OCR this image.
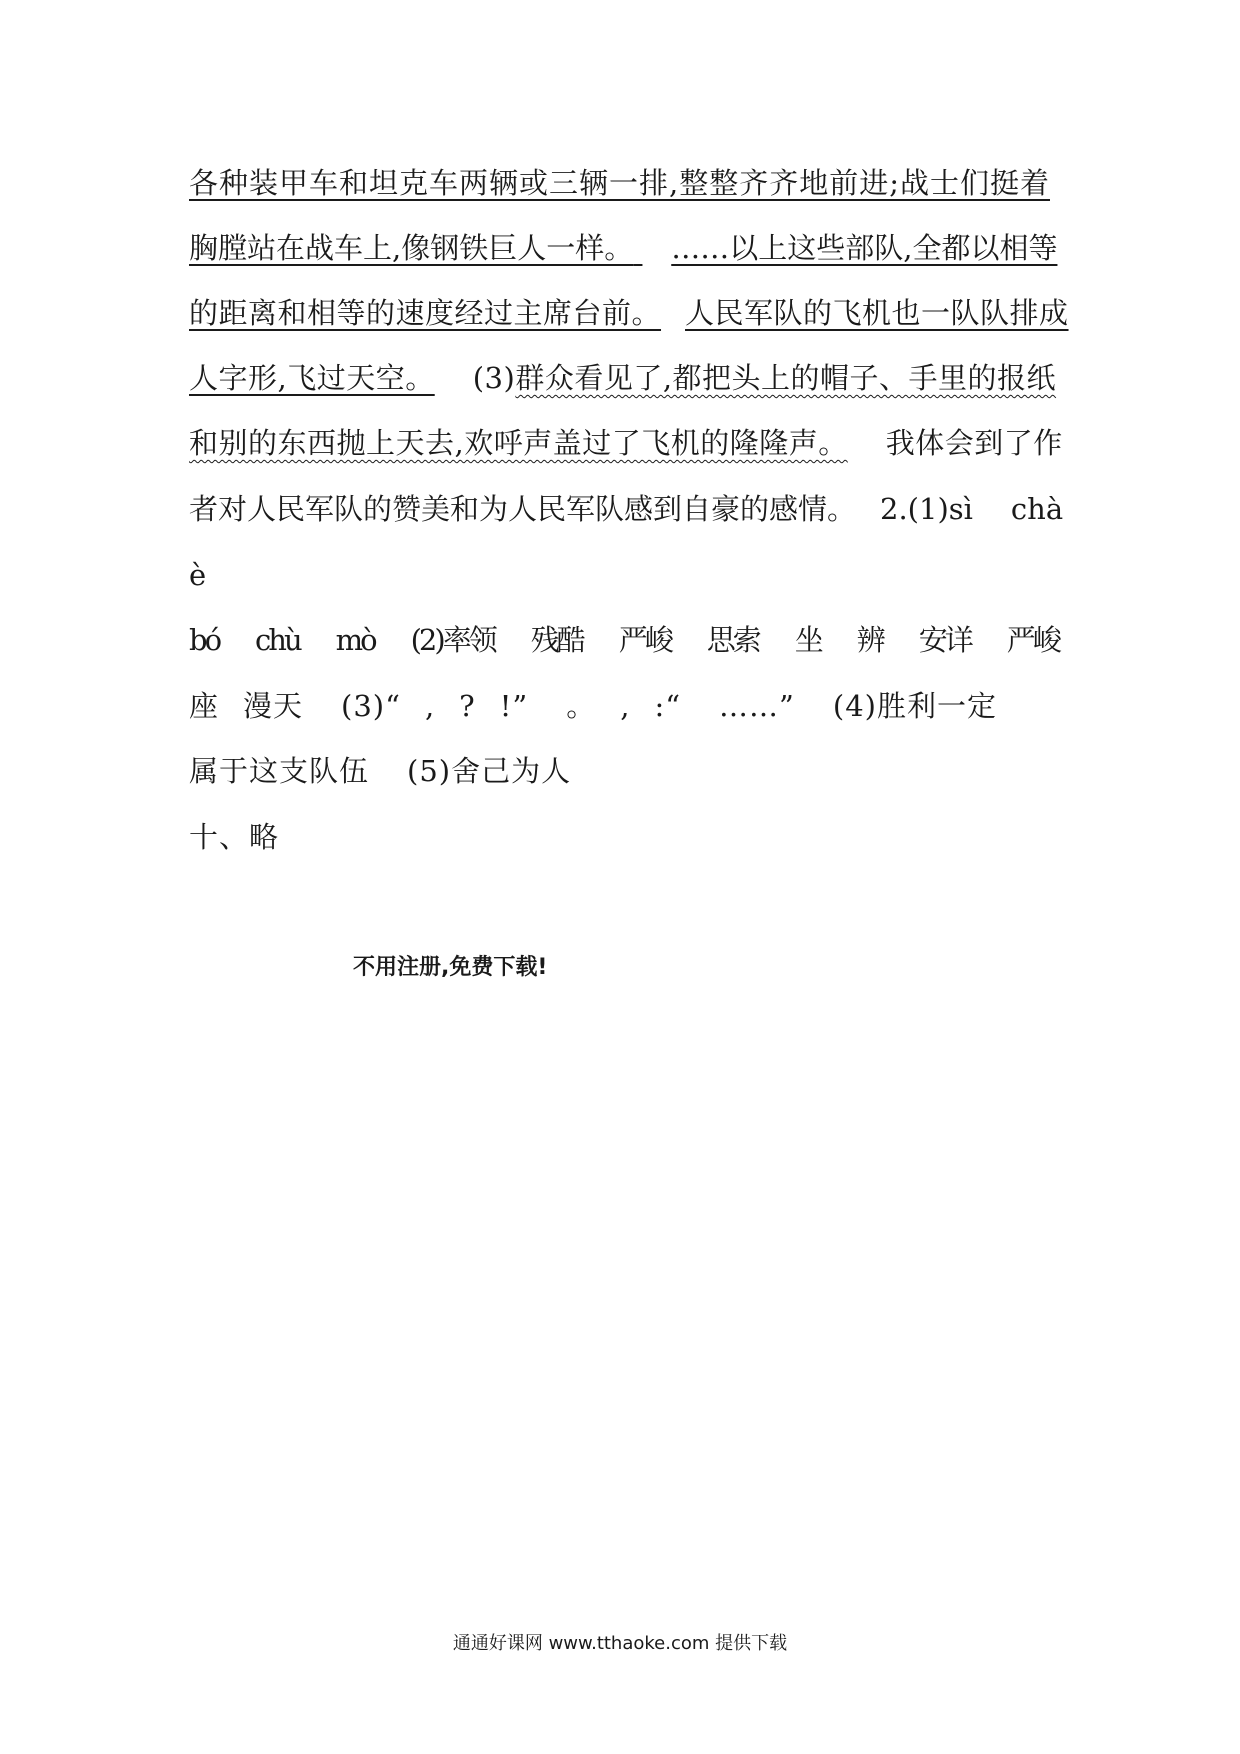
各种装甲车和坦克车两辆或三辆一排,整整齐齐地前进;战士们挺着
胸膛站在战车上,像钢铁巨人一样。 ……以上这些部队,全都以相等
的距离和相等的速度经过主席台前。 人民军队的飞机也一队队排成
人字形,飞过天空。 (3)群众看见了,都把头上的帽子、手里的报纸
和别的东西抛上天去,欢呼声盖过了飞机的隆隆声。 我体会到了作
者对人民军队的赞美和为人民军队感到自豪的感情。 2.(1)sì chà
è
bó chù mò (2)率领 残酷 严峻 思索 坐 辨 安详 严峻
座 漫天 (3)“ , ? !” 。 , :“ ……” (4)胜利一定
属于这支队伍 (5)舍己为人
十、略
不用注册,免费下载!
通通好课网 www.tthaoke.com 提供下载
